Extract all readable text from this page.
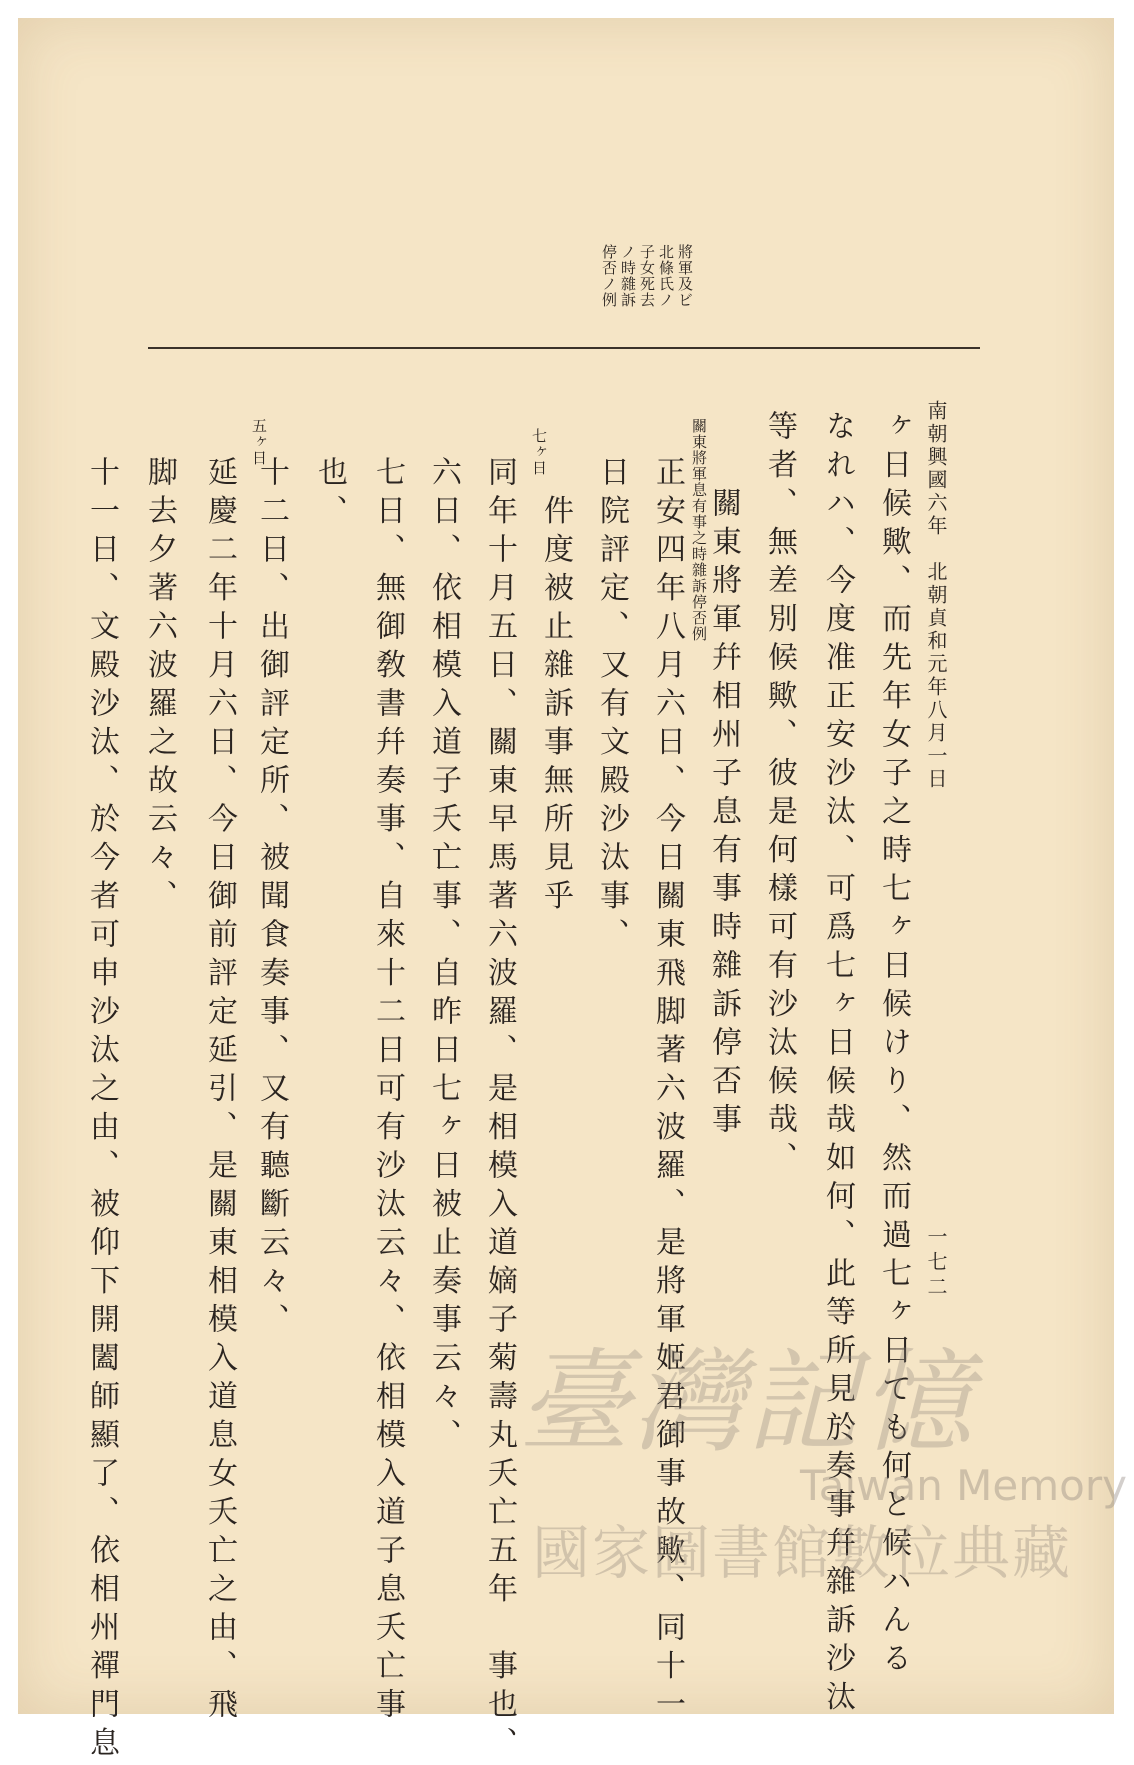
南朝興國六年　北朝貞和元年八月一日
一七二
將軍及ビ
北條氏ノ
子女死去
ノ時雜訴
停否ノ例
ヶ日候歟、而先年女子之時七ヶ日候けり、然而過七ヶ日ても何と候ハんる
なれハ、今度准正安沙汰、可爲七ヶ日候哉如何、此等所見於奏事幷雜訴沙汰
等者、無差別候歟、彼是何樣可有沙汰候哉、
　　關東將軍幷相州子息有事時雜訴停否事
關東將軍息有事之時雜訴停否例
正安四年八月六日、今日關東飛脚著六波羅、是將軍姬君御事故歟、同十一
日院評定、又有文殿沙汰事、
　件度被止雜訴事無所見乎
七ヶ日
同年十月五日、關東早馬著六波羅、是相模入道嫡子菊壽丸夭亡五年　事也、
六日、依相模入道子夭亡事、自昨日七ヶ日被止奏事云々、
七日、無御敎書幷奏事、自來十二日可有沙汰云々、依相模入道子息夭亡事
也、
十二日、出御評定所、被聞食奏事、又有聽斷云々、
五ヶ日
延慶二年十月六日、今日御前評定延引、是關東相模入道息女夭亡之由、飛
脚去夕著六波羅之故云々、
十一日、文殿沙汰、於今者可申沙汰之由、被仰下開闔師顯了、依相州禪門息	臺灣記憶
Taiwan Memory
國家圖書館數位典藏
